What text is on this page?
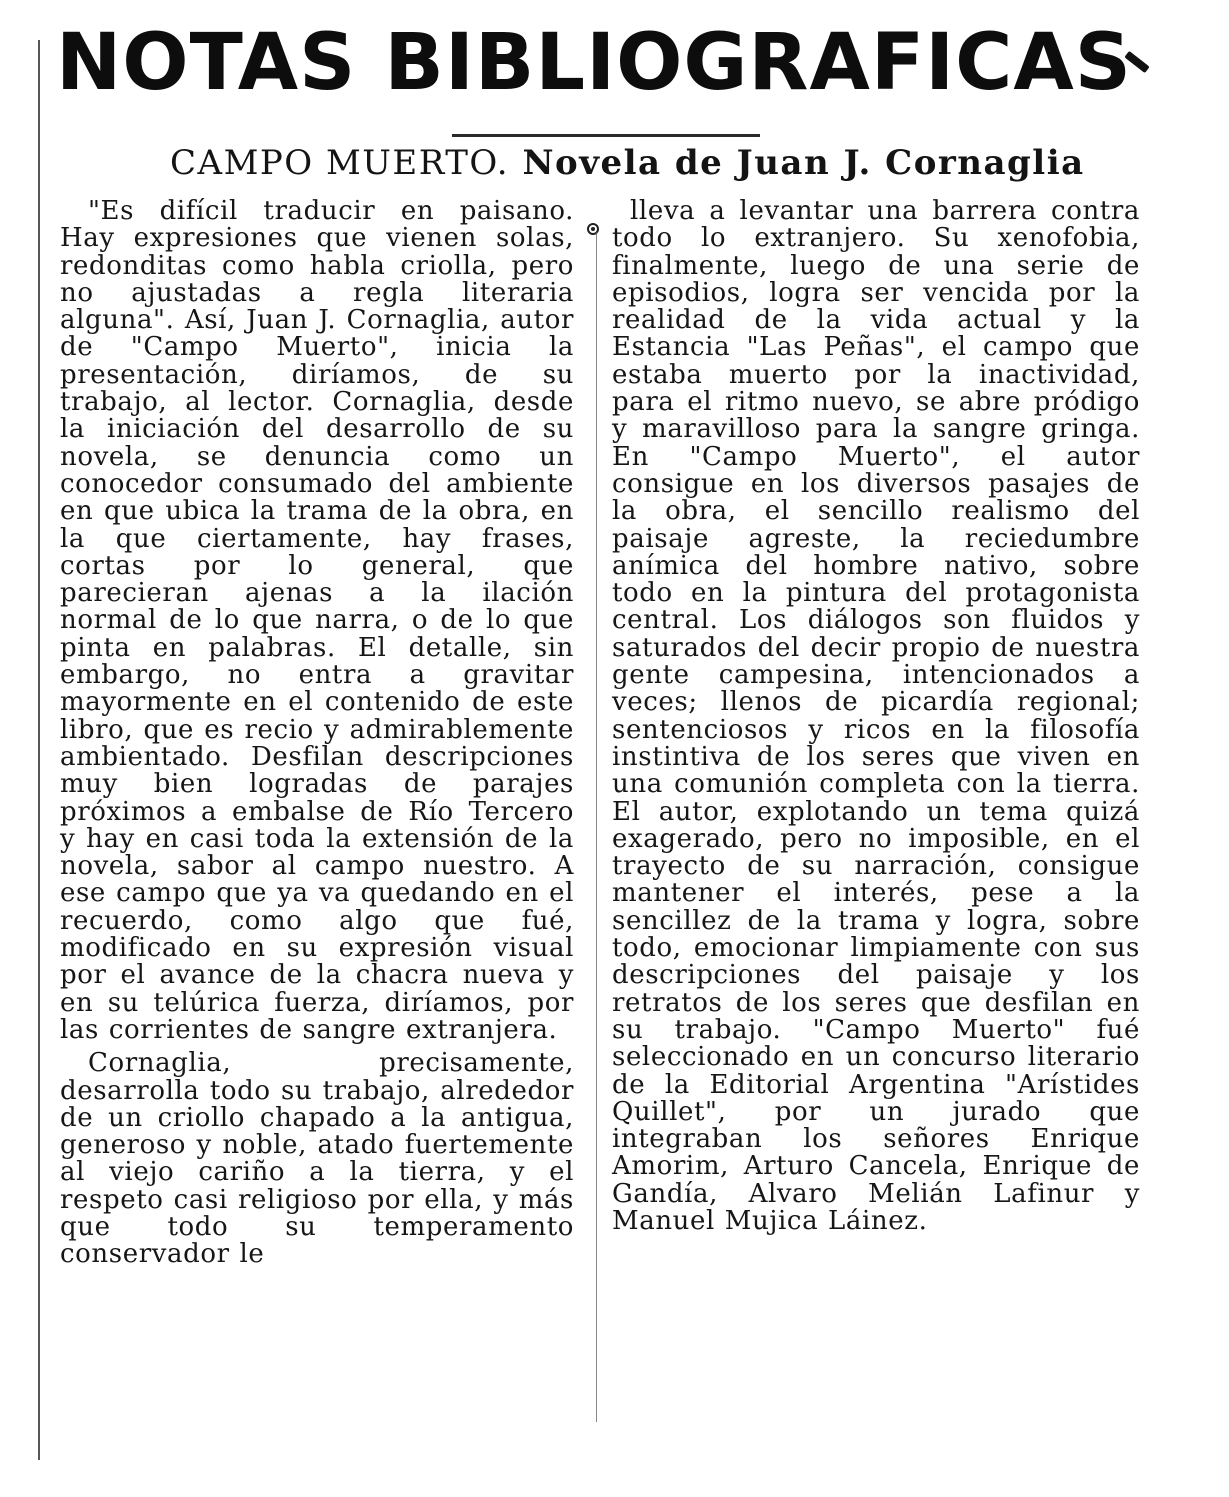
NOTAS BIBLIOGRAFICAS
CAMPO MUERTO. Novela de Juan J. Cornaglia

"Es difícil traducir en paisano. Hay expresiones que vienen solas, redonditas como habla criolla, pero no ajustadas a regla literaria alguna". Así, Juan J. Cornaglia, autor de "Campo Muerto", inicia la presentación, diríamos, de su trabajo, al lector. Cornaglia, desde la iniciación del desarrollo de su novela, se denuncia como un conocedor consumado del ambiente en que ubica la trama de la obra, en la que ciertamente, hay frases, cortas por lo general, que parecieran ajenas a la ilación normal de lo que narra, o de lo que pinta en palabras. El detalle, sin embargo, no entra a gravitar mayormente en el contenido de este libro, que es recio y admirablemente ambientado. Desfilan descripciones muy bien logradas de parajes próximos a embalse de Río Tercero y hay en casi toda la extensión de la novela, sabor al campo nuestro. A ese campo que ya va quedando en el recuerdo, como algo que fué, modificado en su expresión visual por el avance de la chacra nueva y en su telúrica fuerza, diríamos, por las corrientes de sangre extranjera.

Cornaglia, precisamente, desarrolla todo su trabajo, alrededor de un criollo chapado a la antigua, generoso y noble, atado fuertemente al viejo cariño a la tierra, y el respeto casi religioso por ella, y más que todo su temperamento conservador le

lleva a levantar una barrera contra todo lo extranjero. Su xenofobia, finalmente, luego de una serie de episodios, logra ser vencida por la realidad de la vida actual y la Estancia "Las Peñas", el campo que estaba muerto por la inactividad, para el ritmo nuevo, se abre pródigo y maravilloso para la sangre gringa. En "Campo Muerto", el autor consigue en los diversos pasajes de la obra, el sencillo realismo del paisaje agreste, la reciedumbre anímica del hombre nativo, sobre todo en la pintura del protagonista central. Los diálogos son fluidos y saturados del decir propio de nuestra gente campesina, intencionados a veces; llenos de picardía regional; sentenciosos y ricos en la filosofía instintiva de los seres que viven en una comunión completa con la tierra. El autor, explotando un tema quizá exagerado, pero no imposible, en el trayecto de su narración, consigue mantener el interés, pese a la sencillez de la trama y logra, sobre todo, emocionar limpiamente con sus descripciones del paisaje y los retratos de los seres que desfilan en su trabajo. "Campo Muerto" fué seleccionado en un concurso literario de la Editorial Argentina "Arístides Quillet", por un jurado que integraban los señores Enrique Amorim, Arturo Cancela, Enrique de Gandía, Alvaro Melián Lafinur y Manuel Mujica Láinez.
